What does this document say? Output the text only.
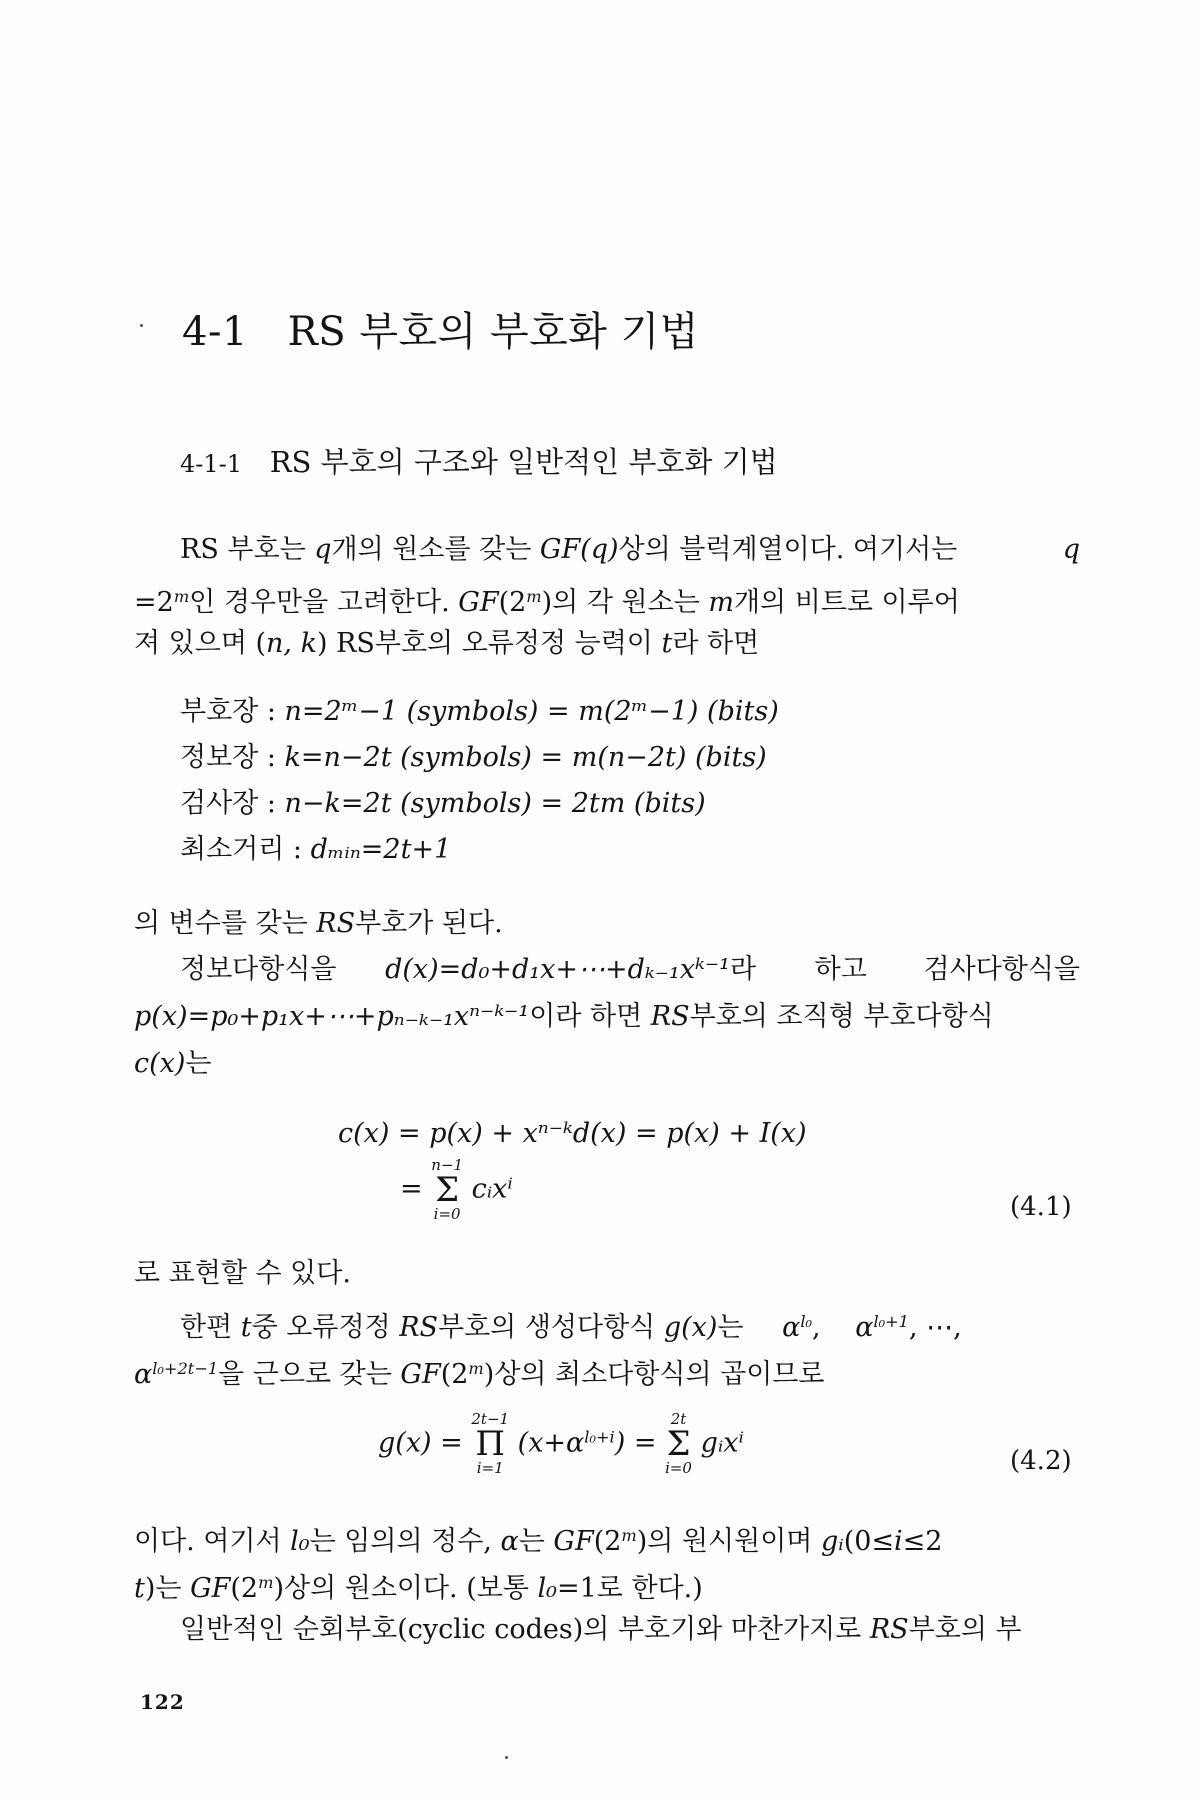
4-1 RS 부호의 부호화 기법
4-1-1 RS 부호의 구조와 일반적인 부호화 기법
RS 부호는 q개의 원소를 갖는 GF(q)상의 블럭계열이다. 여기서는	q
$=2^m$인 경우만을 고려한다. GF(2$^m$)의 각 원소는 m개의 비트로 이루어
져 있으며 (n, k) RS부호의 오류정정 능력이 t라 하면
부호장 : n=2ᵐ−1 (symbols) = m(2ᵐ−1) (bits)
정보장 : k=n−2t (symbols) = m(n−2t) (bits)
검사장 : n−k=2t (symbols) = 2tm (bits)
최소거리 : dₘᵢₙ=2t+1
의 변수를 갖는 RS부호가 된다.
정보다항식을 d(x)=d₀+d₁x+⋯+dₖ₋₁xᵏ⁻¹라 하고 검사다항식을
p(x)=p₀+p₁x+⋯+pₙ₋ₖ₋₁xⁿ⁻ᵏ⁻¹이라 하면 RS부호의 조직형 부호다항식
c(x)는
c(x) = p(x) + xⁿ⁻ᵏd(x) = p(x) + I(x)
=
n−1
Σ
i=0
cᵢxⁱ
(4.1)
로 표현할 수 있다.
한편 t중 오류정정 RS부호의 생성다항식 g(x)는 $\alpha^{l_0}$, $\alpha^{l_0+1}$, ⋯,
$\alpha^{l_0+2t-1}$을 근으로 갖는 GF(2$^m$)상의 최소다항식의 곱이므로
g(x) =
2t−1
Π
i=1
$(x+\alpha^{l_0+i})$ =
2t
Σ
i=0
gᵢxⁱ
(4.2)
이다. 여기서 l₀는 임의의 정수, α는 GF(2$^m$)의 원시원이며 gᵢ(0≤i≤2
t)는 GF(2$^m$)상의 원소이다. (보통 l₀=1로 한다.)
일반적인 순회부호(cyclic codes)의 부호기와 마찬가지로 RS부호의 부
122
